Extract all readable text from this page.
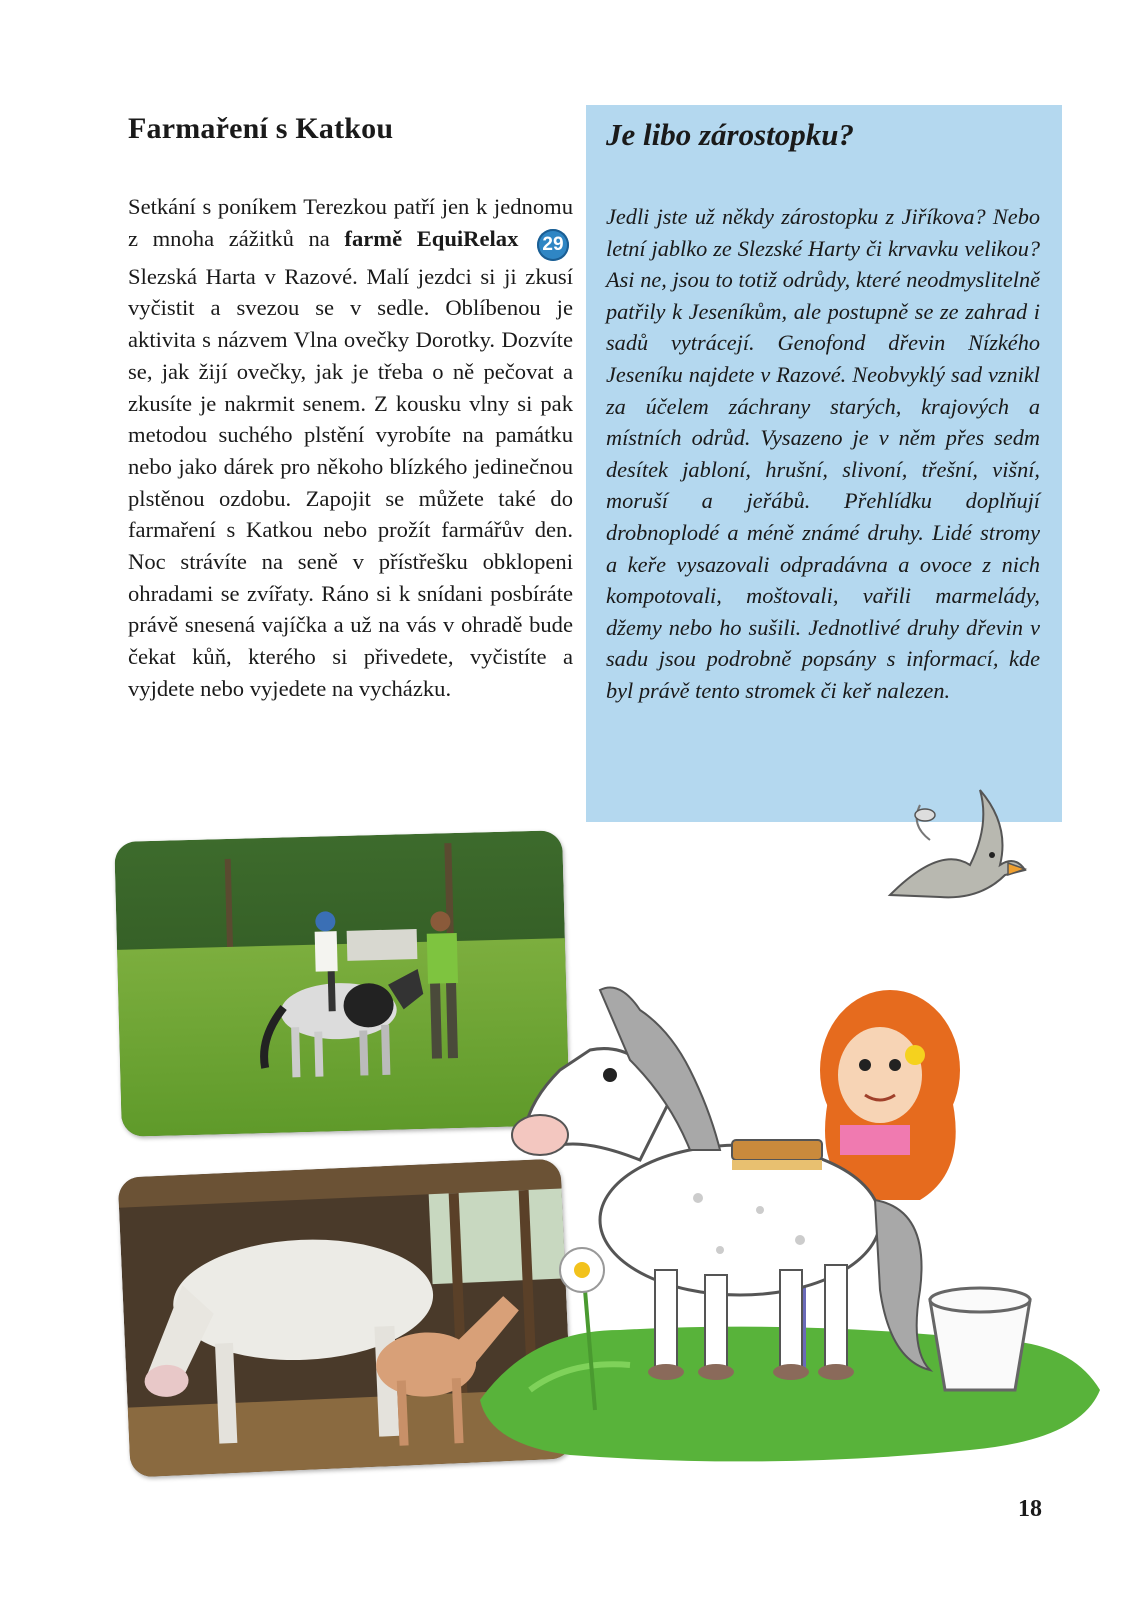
Farmaření s Katkou
Setkání s poníkem Terezkou patří jen k jednomu z mnoha zážitků na farmě EquiRelax 29 Slezská Harta v Razové. Malí jezdci si ji zkusí vyčistit a svezou se v sedle. Oblíbenou je aktivita s názvem Vlna ovečky Dorotky. Dozvíte se, jak žijí ovečky, jak je třeba o ně pečovat a zkusíte je nakrmit senem. Z kousku vlny si pak metodou suchého plstění vyrobíte na památku nebo jako dárek pro někoho blízkého jedinečnou plstěnou ozdobu. Zapojit se můžete také do farmaření s Katkou nebo prožít farmářův den. Noc strávíte na seně v přístřešku obklopeni ohradami se zvířaty. Ráno si k snídani posbíráte právě snesená vajíčka a už na vás v ohradě bude čekat kůň, kterého si přivedete, vyčistíte a vyjdete nebo vyjedete na vycházku.
Je libo zárostopku?
Jedli jste už někdy zárostopku z Jiříkova? Nebo letní jablko ze Slezské Harty či krvavku velikou? Asi ne, jsou to totiž odrůdy, které neodmyslitelně patřily k Jeseníkům, ale postupně se ze zahrad i sadů vytrácejí. Genofond dřevin Nízkého Jeseníku najdete v Razové. Neobvyklý sad vznikl za účelem záchrany starých, krajových a místních odrůd. Vysazeno je v něm přes sedm desítek jabloní, hrušní, slivoní, třešní, višní, moruší a jeřábů. Přehlídku doplňují drobnoplodé a méně známé druhy. Lidé stromy a keře vysazovali odpradávna a ovoce z nich kompotovali, moštovali, vařili marmelády, džemy nebo ho sušili. Jednotlivé druhy dřevin v sadu jsou podrobně popsány s informací, kde byl právě tento stromek či keř nalezen.
18
